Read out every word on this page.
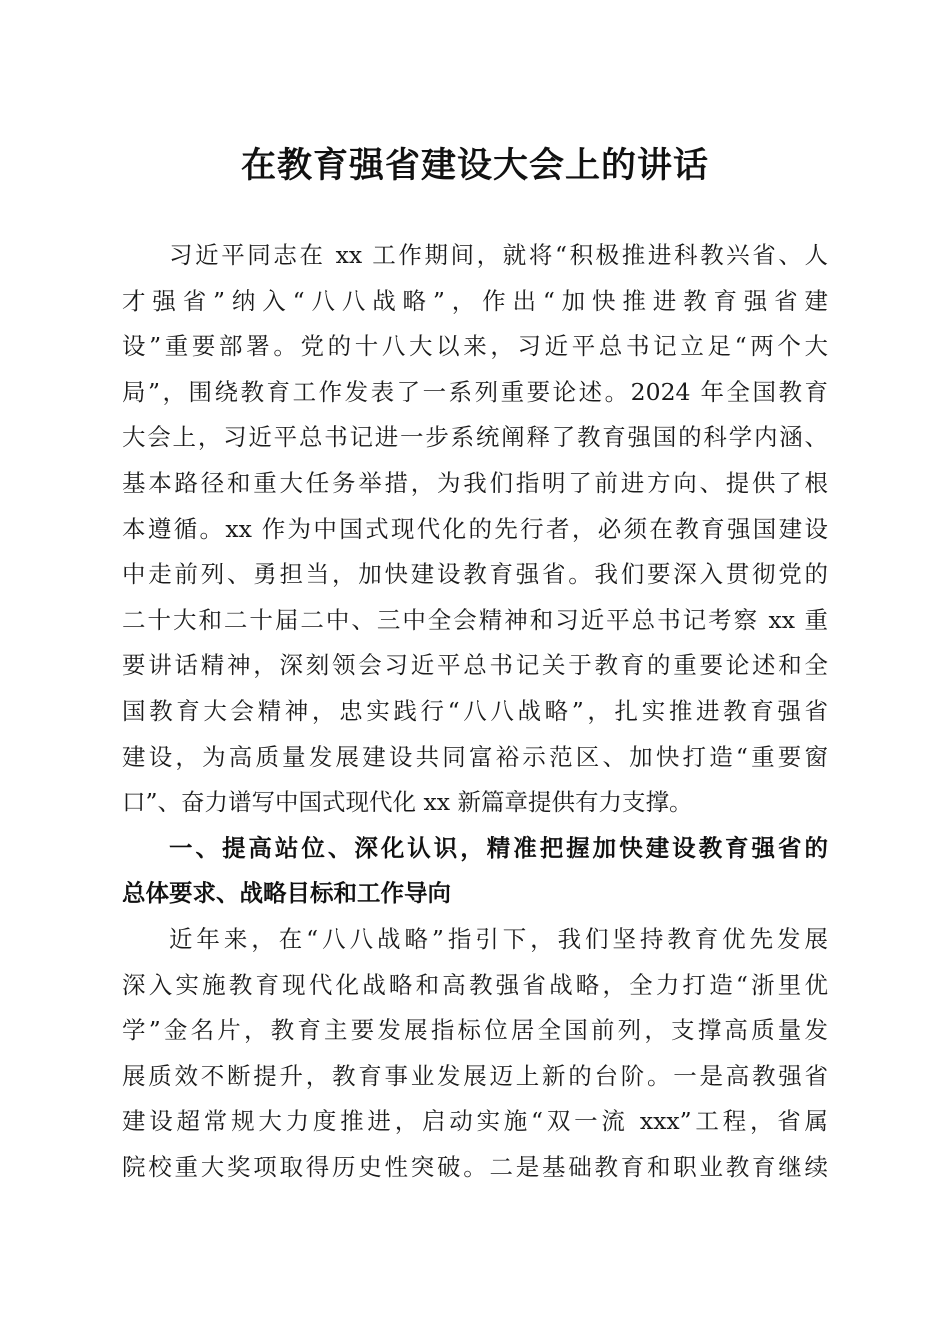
在教育强省建设大会上的讲话
习近平同志在 xx 工作期间，就将“积极推进科教兴省、人
才强省”纳入“八八战略”，作出“加快推进教育强省建
设”重要部署。党的十八大以来，习近平总书记立足“两个大
局”，围绕教育工作发表了一系列重要论述。2024 年全国教育
大会上，习近平总书记进一步系统阐释了教育强国的科学内涵、
基本路径和重大任务举措，为我们指明了前进方向、提供了根
本遵循。xx 作为中国式现代化的先行者，必须在教育强国建设
中走前列、勇担当，加快建设教育强省。我们要深入贯彻党的
二十大和二十届二中、三中全会精神和习近平总书记考察 xx 重
要讲话精神，深刻领会习近平总书记关于教育的重要论述和全
国教育大会精神，忠实践行“八八战略”，扎实推进教育强省
建设，为高质量发展建设共同富裕示范区、加快打造“重要窗
口”、奋力谱写中国式现代化 xx 新篇章提供有力支撑。
一、提高站位、深化认识，精准把握加快建设教育强省的
总体要求、战略目标和工作导向
近年来，在“八八战略”指引下，我们坚持教育优先发展
深入实施教育现代化战略和高教强省战略，全力打造“浙里优
学”金名片，教育主要发展指标位居全国前列，支撑高质量发
展质效不断提升，教育事业发展迈上新的台阶。一是高教强省
建设超常规大力度推进，启动实施“双一流 xxx”工程，省属
院校重大奖项取得历史性突破。二是基础教育和职业教育继续
